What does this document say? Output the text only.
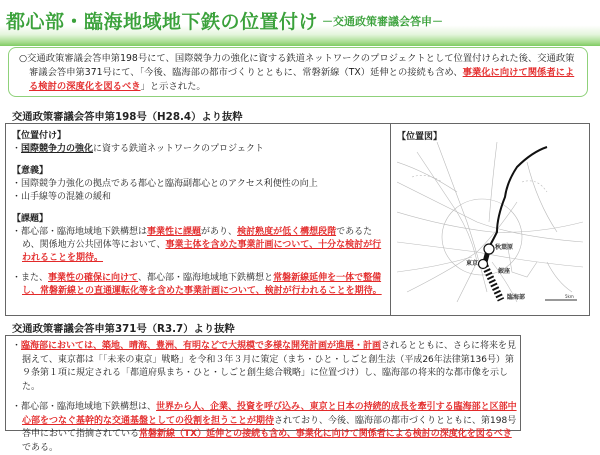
都心部・臨海地域地下鉄の位置付け －交通政策審議会答申－

○交通政策審議会答申第198号にて、国際競争力の強化に資する鉄道ネットワークのプロジェクトとして位置付けられた後、交通政策審議会答申第371号にて、「今後、臨海部の都市づくりとともに、常磐新線（TX）延伸との接続も含め、事業化に向けて関係者による検討の深度化を図るべき」と示された。

交通政策審議会答申第198号（H28.4）より抜粋
【位置付け】

・国際競争力の強化に資する鉄道ネットワークのプロジェクト

【意義】

・国際競争力強化の拠点である都心と臨海副都心とのアクセス利便性の向上

・山手線等の混雑の緩和

【課題】

・都心部・臨海地域地下鉄構想は事業性に課題があり、検討熟度が低く構想段階であるため、関係地方公共団体等において、事業主体を含めた事業計画について、十分な検討が行われることを期待。

・また、事業性の確保に向けて、都心部・臨海地域地下鉄構想と常磐新線延伸を一体で整備し、常磐新線との直通運転化等を含めた事業計画について、検討が行われることを期待。

【位置図】
秋葉原
東京
銀座
臨海部	5km
交通政策審議会答申第371号（R3.7）より抜粋

・臨海部においては、築地、晴海、豊洲、有明などで大規模で多様な開発計画が進展・計画されるとともに、さらに将来を見据えて、東京都は「「未来の東京」戦略」を令和３年３月に策定（まち・ひと・しごと創生法（平成26年法律第136号）第９条第１項に規定される「都道府県まち・ひと・しごと創生総合戦略」に位置づけ）し、臨海部の将来的な都市像を示した。

・都心部・臨海地域地下鉄構想は、世界から人、企業、投資を呼び込み、東京と日本の持続的成長を牽引する臨海部と区部中心部をつなぐ基幹的な交通基盤としての役割を担うことが期待されており、今後、臨海部の都市づくりとともに、第198号答申において指摘されている常磐新線（TX）延伸との接続も含め、事業化に向けて関係者による検討の深度化を図るべきである。
